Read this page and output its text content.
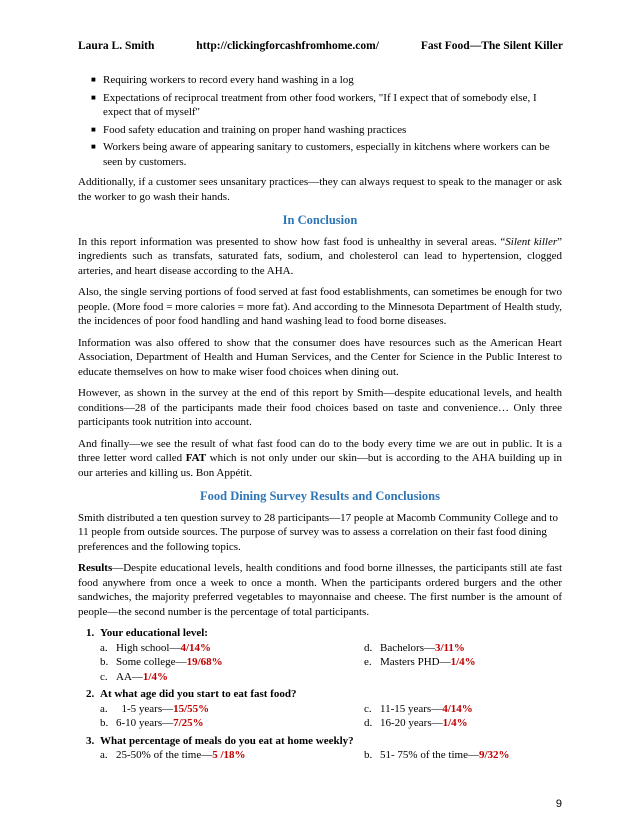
Laura L. Smith	http://clickingforcashfromhome.com/	Fast Food—The Silent Killer
■ Requiring workers to record every hand washing in a log
■ Expectations of reciprocal treatment from other food workers, "If I expect that of somebody else, I expect that of myself"
■ Food safety education and training on proper hand washing practices
■ Workers being aware of appearing sanitary to customers, especially in kitchens where workers can be seen by customers.

Additionally, if a customer sees unsanitary practices—they can always request to speak to the manager or ask the worker to go wash their hands.

In Conclusion

In this report information was presented to show how fast food is unhealthy in several areas. “Silent killer” ingredients such as transfats, saturated fats, sodium, and cholesterol can lead to hypertension, clogged arteries, and heart disease according to the AHA.

Also, the single serving portions of food served at fast food establishments, can sometimes be enough for two people. (More food = more calories = more fat). And according to the Minnesota Department of Health study, the incidences of poor food handling and hand washing lead to food borne diseases.

Information was also offered to show that the consumer does have resources such as the American Heart Association, Department of Health and Human Services, and the Center for Science in the Public Interest to educate themselves on how to make wiser food choices when dining out.

However, as shown in the survey at the end of this report by Smith—despite educational levels, and health conditions—28 of the participants made their food choices based on taste and convenience… Only three participants took nutrition into account.

And finally—we see the result of what fast food can do to the body every time we are out in public. It is a three letter word called FAT which is not only under our skin—but is according to the AHA building up in our arteries and killing us. Bon Appétit.

Food Dining Survey Results and Conclusions

Smith distributed a ten question survey to 28 participants—17 people at Macomb Community College and to 11 people from outside sources. The purpose of survey was to assess a correlation on their fast food dining preferences and the following topics.

Results—Despite educational levels, health conditions and food borne illnesses, the participants still ate fast food anywhere from once a week to once a month. When the participants ordered burgers and the other sandwiches, the majority preferred vegetables to mayonnaise and cheese. The first number is the amount of people—the second number is the percentage of total participants.

1. Your educational level:
a. High school— 4/14%	d. Bachelors— 3/11%
b. Some college— 19/68%	e. Masters PHD— 1/4%
c. AA— 1/4%
2. At what age did you start to eat fast food?
a. 1-5 years— 15/55%	c. 11-15 years— 4/14%
b. 6-10 years— 7/25%	d. 16-20 years— 1/4%
3. What percentage of meals do you eat at home weekly?
a. 25-50% of the time— 5 /18%	b. 51- 75% of the time— 9/32%
9
